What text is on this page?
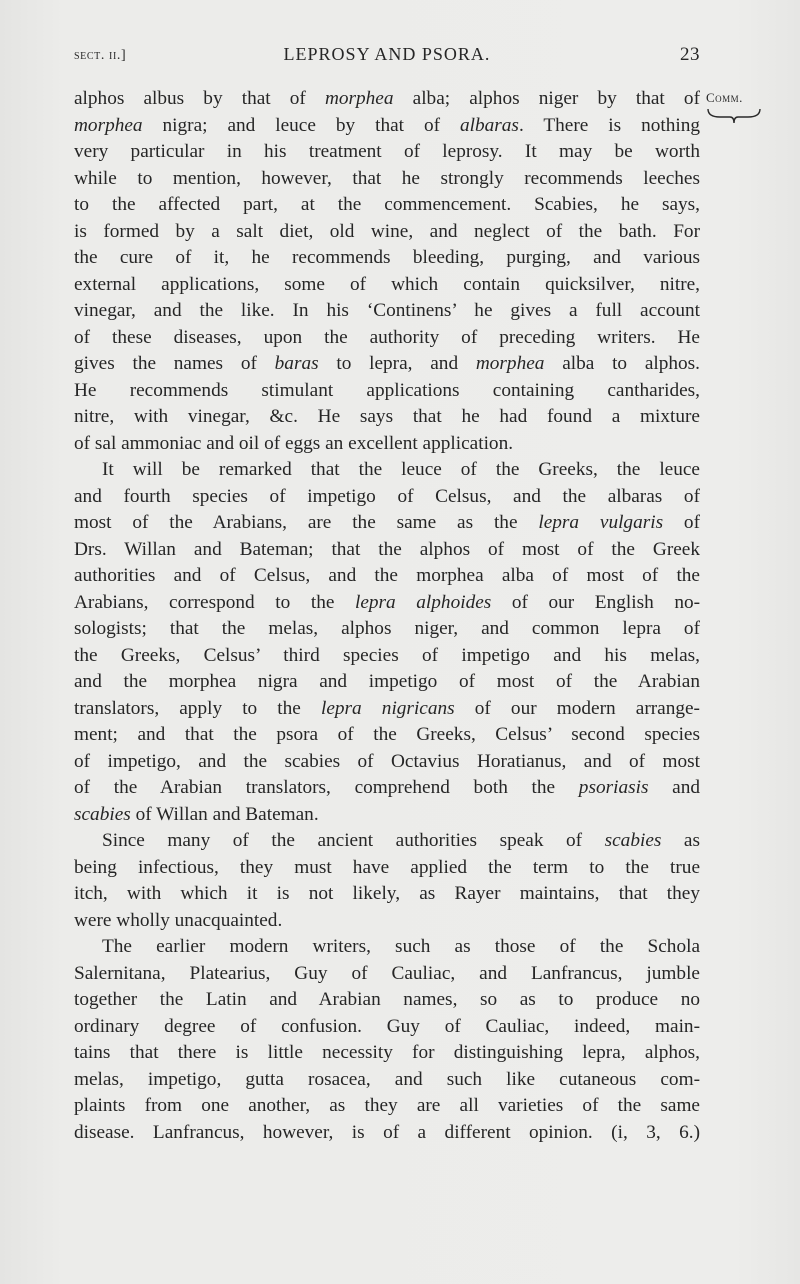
sect. ii.]	LEPROSY AND PSORA.	23
Comm.
alphos albus by that of morphea alba; alphos niger by that of
morphea nigra; and leuce by that of albaras. There is nothing
very particular in his treatment of leprosy. It may be worth
while to mention, however, that he strongly recommends leeches
to the affected part, at the commencement. Scabies, he says,
is formed by a salt diet, old wine, and neglect of the bath. For
the cure of it, he recommends bleeding, purging, and various
external applications, some of which contain quicksilver, nitre,
vinegar, and the like. In his ‘Continens’ he gives a full account
of these diseases, upon the authority of preceding writers. He
gives the names of baras to lepra, and morphea alba to alphos.
He recommends stimulant applications containing cantharides,
nitre, with vinegar, &c. He says that he had found a mixture
of sal ammoniac and oil of eggs an excellent application.
It will be remarked that the leuce of the Greeks, the leuce
and fourth species of impetigo of Celsus, and the albaras of
most of the Arabians, are the same as the lepra vulgaris of
Drs. Willan and Bateman; that the alphos of most of the Greek
authorities and of Celsus, and the morphea alba of most of the
Arabians, correspond to the lepra alphoides of our English no-
sologists; that the melas, alphos niger, and common lepra of
the Greeks, Celsus’ third species of impetigo and his melas,
and the morphea nigra and impetigo of most of the Arabian
translators, apply to the lepra nigricans of our modern arrange-
ment; and that the psora of the Greeks, Celsus’ second species
of impetigo, and the scabies of Octavius Horatianus, and of most
of the Arabian translators, comprehend both the psoriasis and
scabies of Willan and Bateman.
Since many of the ancient authorities speak of scabies as
being infectious, they must have applied the term to the true
itch, with which it is not likely, as Rayer maintains, that they
were wholly unacquainted.
The earlier modern writers, such as those of the Schola
Salernitana, Platearius, Guy of Cauliac, and Lanfrancus, jumble
together the Latin and Arabian names, so as to produce no
ordinary degree of confusion. Guy of Cauliac, indeed, main-
tains that there is little necessity for distinguishing lepra, alphos,
melas, impetigo, gutta rosacea, and such like cutaneous com-
plaints from one another, as they are all varieties of the same
disease. Lanfrancus, however, is of a different opinion. (i, 3, 6.)
